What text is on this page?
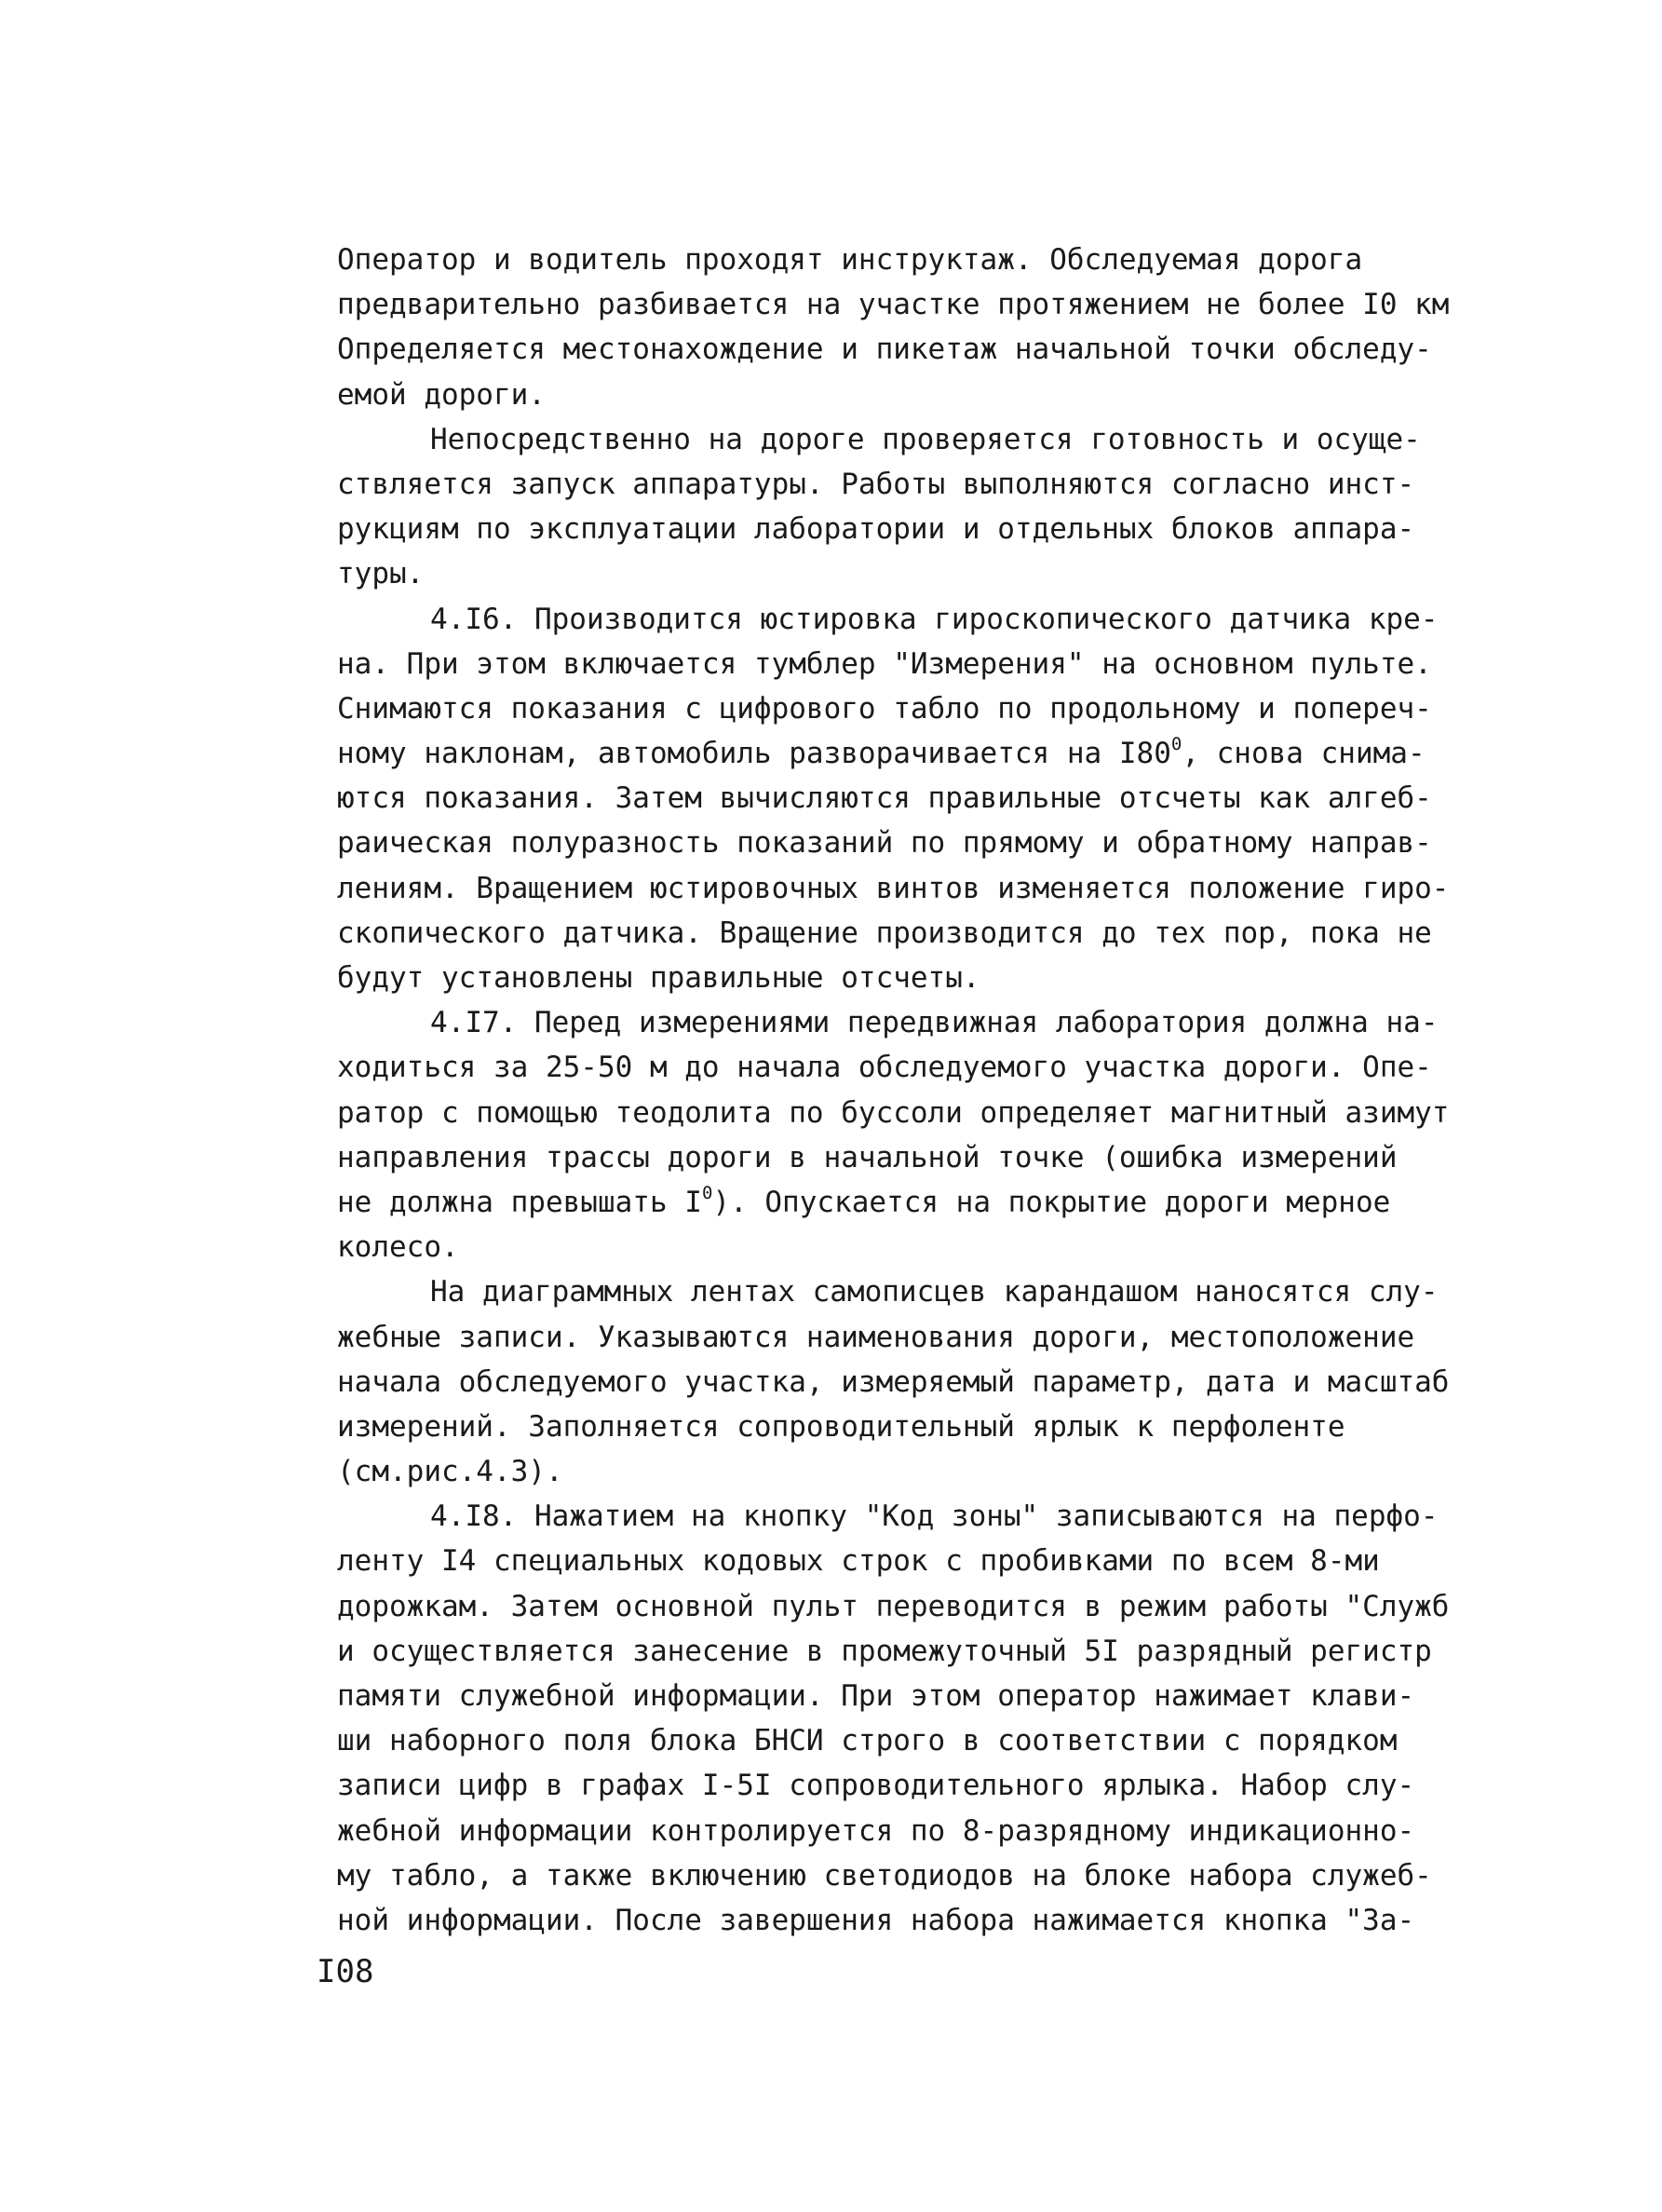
Оператор и водитель проходят инструктаж. Обследуемая дорога
предварительно разбивается на участке протяжением не более I0 км
Определяется местонахождение и пикетаж начальной точки обследу-
емой дороги.
Непосредственно на дороге проверяется готовность и осуще-
ствляется запуск аппаратуры. Работы выполняются согласно инст-
рукциям по эксплуатации лаборатории и отдельных блоков аппара-
туры.
4.I6. Производится юстировка гироскопического датчика кре-
на. При этом включается тумблер "Измерения" на основном пульте.
Снимаются показания с цифрового табло по продольному и попереч-
ному наклонам, автомобиль разворачивается на $I80^0$, снова снима-
ются показания. Затем вычисляются правильные отсчеты как алгеб-
раическая полуразность показаний по прямому и обратному направ-
лениям. Вращением юстировочных винтов изменяется положение гиро-
скопического датчика. Вращение производится до тех пор, пока не
будут установлены правильные отсчеты.
4.I7. Перед измерениями передвижная лаборатория должна на-
ходиться за 25-50 м до начала обследуемого участка дороги. Опе-
ратор с помощью теодолита по буссоли определяет магнитный азимут
направления трассы дороги в начальной точке (ошибка измерений
не должна превышать $I^0$). Опускается на покрытие дороги мерное
колесо.
На диаграммных лентах самописцев карандашом наносятся слу-
жебные записи. Указываются наименования дороги, местоположение
начала обследуемого участка, измеряемый параметр, дата и масштаб
измерений. Заполняется сопроводительный ярлык к перфоленте
(см.рис.4.3).
4.I8. Нажатием на кнопку "Код зоны" записываются на перфо-
ленту I4 специальных кодовых строк с пробивками по всем 8-ми
дорожкам. Затем основной пульт переводится в режим работы "Служб
и осуществляется занесение в промежуточный 5I разрядный регистр
памяти служебной информации. При этом оператор нажимает клави-
ши наборного поля блока БНСИ строго в соответствии с порядком
записи цифр в графах I-5I сопроводительного ярлыка. Набор слу-
жебной информации контролируется по 8-разрядному индикационно-
му табло, а также включению светодиодов на блоке набора служеб-
ной информации. После завершения набора нажимается кнопка "За-
I08
